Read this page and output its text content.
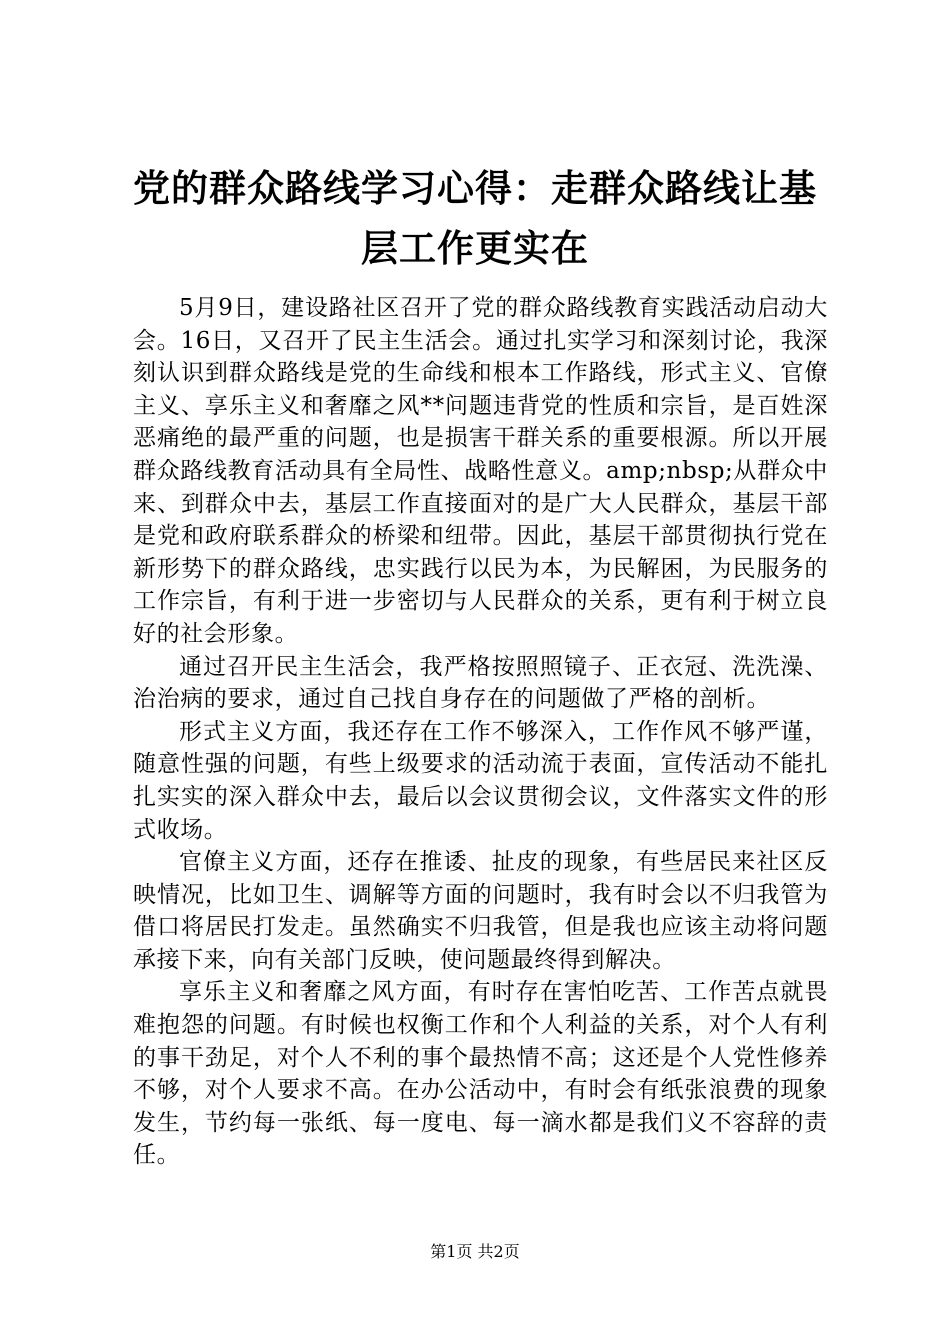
党的群众路线学习心得：走群众路线让基层工作更实在

5月9日，建设路社区召开了党的群众路线教育实践活动启动大会。16日，又召开了民主生活会。通过扎实学习和深刻讨论，我深刻认识到群众路线是党的生命线和根本工作路线，形式主义、官僚主义、享乐主义和奢靡之风**问题违背党的性质和宗旨，是百姓深恶痛绝的最严重的问题，也是损害干群关系的重要根源。所以开展群众路线教育活动具有全局性、战略性意义。amp;nbsp;从群众中来、到群众中去，基层工作直接面对的是广大人民群众，基层干部是党和政府联系群众的桥梁和纽带。因此，基层干部贯彻执行党在新形势下的群众路线，忠实践行以民为本，为民解困，为民服务的工作宗旨，有利于进一步密切与人民群众的关系，更有利于树立良好的社会形象。

通过召开民主生活会，我严格按照照镜子、正衣冠、洗洗澡、治治病的要求，通过自己找自身存在的问题做了严格的剖析。

形式主义方面，我还存在工作不够深入，工作作风不够严谨，随意性强的问题，有些上级要求的活动流于表面，宣传活动不能扎扎实实的深入群众中去，最后以会议贯彻会议，文件落实文件的形式收场。

官僚主义方面，还存在推诿、扯皮的现象，有些居民来社区反映情况，比如卫生、调解等方面的问题时，我有时会以不归我管为借口将居民打发走。虽然确实不归我管，但是我也应该主动将问题承接下来，向有关部门反映，使问题最终得到解决。

享乐主义和奢靡之风方面，有时存在害怕吃苦、工作苦点就畏难抱怨的问题。有时候也权衡工作和个人利益的关系，对个人有利的事干劲足，对个人不利的事个最热情不高；这还是个人党性修养不够，对个人要求不高。在办公活动中，有时会有纸张浪费的现象发生，节约每一张纸、每一度电、每一滴水都是我们义不容辞的责任。

第1页 共2页
